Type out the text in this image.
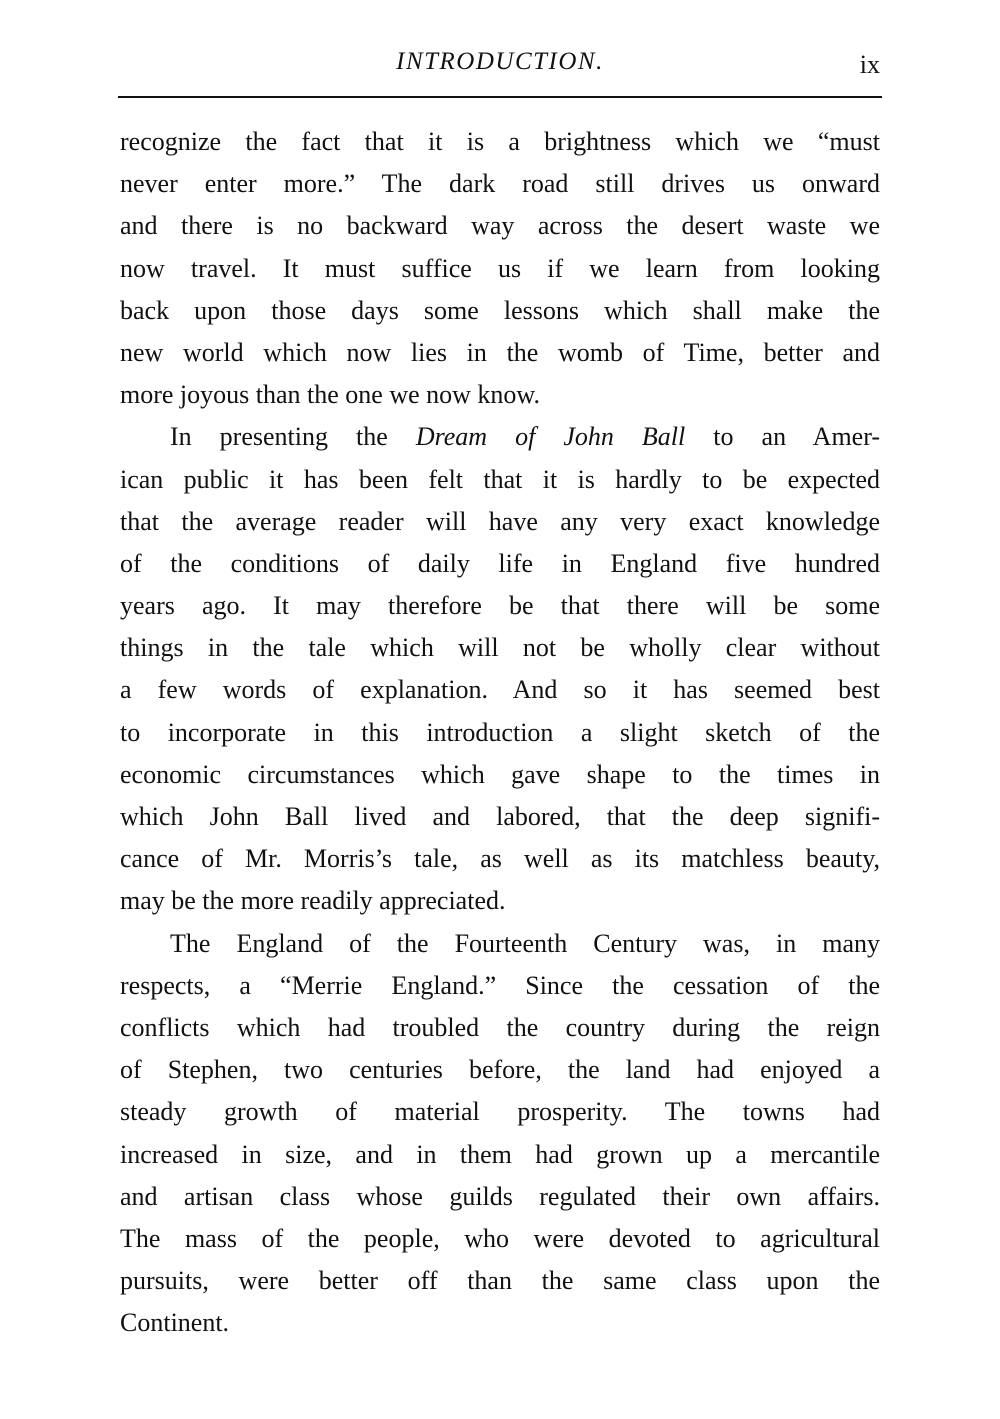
INTRODUCTION.	ix
recognize the fact that it is a brightness which we “must
never enter more.” The dark road still drives us onward
and there is no backward way across the desert waste we
now travel. It must suffice us if we learn from looking
back upon those days some lessons which shall make the
new world which now lies in the womb of Time, better and
more joyous than the one we now know.
In presenting the Dream of John Ball to an Amer-
ican public it has been felt that it is hardly to be expected
that the average reader will have any very exact knowledge
of the conditions of daily life in England five hundred
years ago. It may therefore be that there will be some
things in the tale which will not be wholly clear without
a few words of explanation. And so it has seemed best
to incorporate in this introduction a slight sketch of the
economic circumstances which gave shape to the times in
which John Ball lived and labored, that the deep signifi-
cance of Mr. Morris’s tale, as well as its matchless beauty,
may be the more readily appreciated.
The England of the Fourteenth Century was, in many
respects, a “Merrie England.” Since the cessation of the
conflicts which had troubled the country during the reign
of Stephen, two centuries before, the land had enjoyed a
steady growth of material prosperity. The towns had
increased in size, and in them had grown up a mercantile
and artisan class whose guilds regulated their own affairs.
The mass of the people, who were devoted to agricultural
pursuits, were better off than the same class upon the
Continent.
